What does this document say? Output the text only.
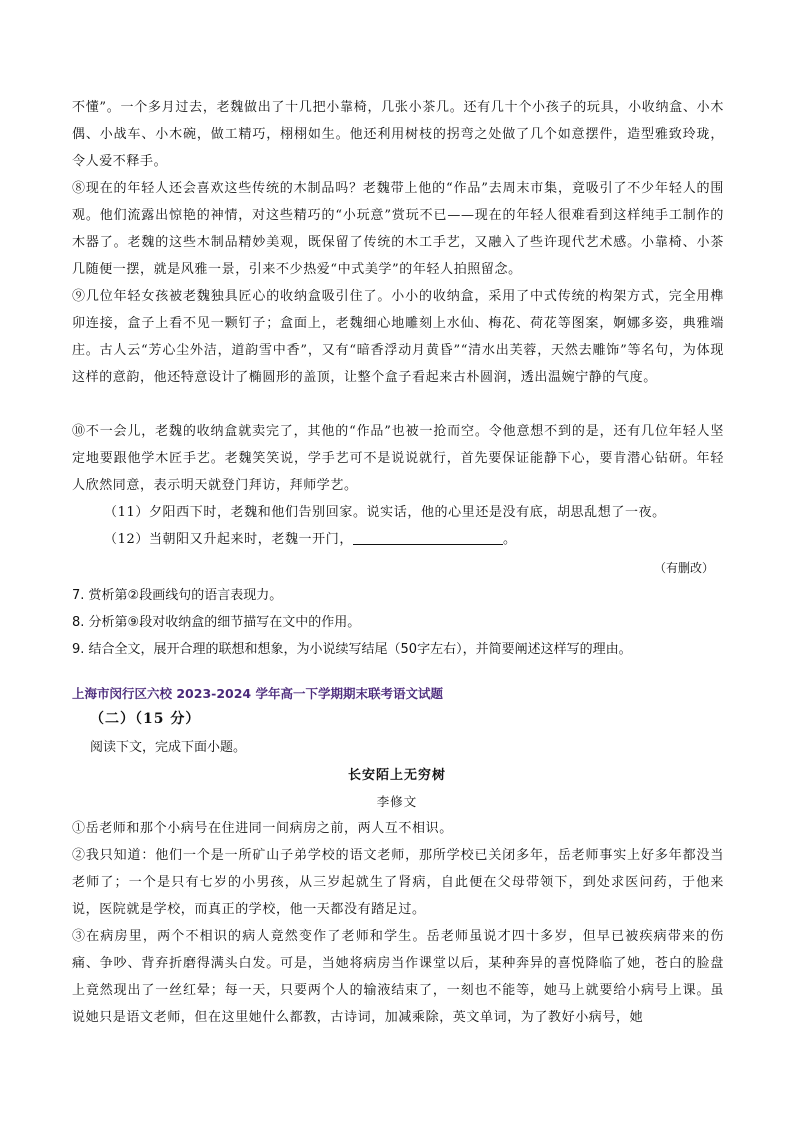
不懂”。一个多月过去，老魏做出了十几把小靠椅，几张小茶几。还有几十个小孩子的玩具，小收纳盒、小木偶、小战车、小木碗，做工精巧，栩栩如生。他还利用树枝的拐弯之处做了几个如意摆件，造型雅致玲珑，令人爱不释手。

⑧现在的年轻人还会喜欢这些传统的木制品吗？老魏带上他的“作品”去周末市集，竟吸引了不少年轻人的围观。他们流露出惊艳的神情，对这些精巧的“小玩意”赏玩不已——现在的年轻人很难看到这样纯手工制作的木器了。老魏的这些木制品精妙美观，既保留了传统的木工手艺，又融入了些许现代艺术感。小靠椅、小茶几随便一摆，就是风雅一景，引来不少热爱“中式美学”的年轻人拍照留念。

⑨几位年轻女孩被老魏独具匠心的收纳盒吸引住了。小小的收纳盒，采用了中式传统的构架方式，完全用榫卯连接，盒子上看不见一颗钉子；盒面上，老魏细心地雕刻上水仙、梅花、荷花等图案，婀娜多姿，典雅端庄。古人云“芳心尘外洁，道韵雪中香”，又有“暗香浮动月黄昏”“清水出芙蓉，天然去雕饰”等名句，为体现这样的意韵，他还特意设计了椭圆形的盖顶，让整个盒子看起来古朴圆润，透出温婉宁静的气度。

⑩不一会儿，老魏的收纳盒就卖完了，其他的“作品”也被一抢而空。令他意想不到的是，还有几位年轻人坚定地要跟他学木匠手艺。老魏笑笑说，学手艺可不是说说就行，首先要保证能静下心，要肯潜心钻研。年轻人欣然同意，表示明天就登门拜访，拜师学艺。

（11）夕阳西下时，老魏和他们告别回家。说实话，他的心里还是没有底，胡思乱想了一夜。

（12）当朝阳又升起来时，老魏一开门，	。

（有删改）

7. 赏析第②段画线句的语言表现力。

8. 分析第⑨段对收纳盒的细节描写在文中的作用。

9. 结合全文，展开合理的联想和想象，为小说续写结尾（50字左右），并简要阐述这样写的理由。

上海市闵行区六校 2023-2024 学年高一下学期期末联考语文试题

（二）（15 分）

阅读下文，完成下面小题。

长安陌上无穷树

李修文

①岳老师和那个小病号在住进同一间病房之前，两人互不相识。

②我只知道：他们一个是一所矿山子弟学校的语文老师，那所学校已关闭多年，岳老师事实上好多年都没当老师了；一个是只有七岁的小男孩，从三岁起就生了肾病，自此便在父母带领下，到处求医问药，于他来说，医院就是学校，而真正的学校，他一天都没有踏足过。

③在病房里，两个不相识的病人竟然变作了老师和学生。岳老师虽说才四十多岁，但早已被疾病带来的伤痛、争吵、背弃折磨得满头白发。可是，当她将病房当作课堂以后，某种奔异的喜悦降临了她，苍白的脸盘上竟然现出了一丝红晕；每一天，只要两个人的输液结束了，一刻也不能等，她马上就要给小病号上课。虽说她只是语文老师，但在这里她什么都教，古诗词，加减乘除，英文单词，为了教好小病号，她
